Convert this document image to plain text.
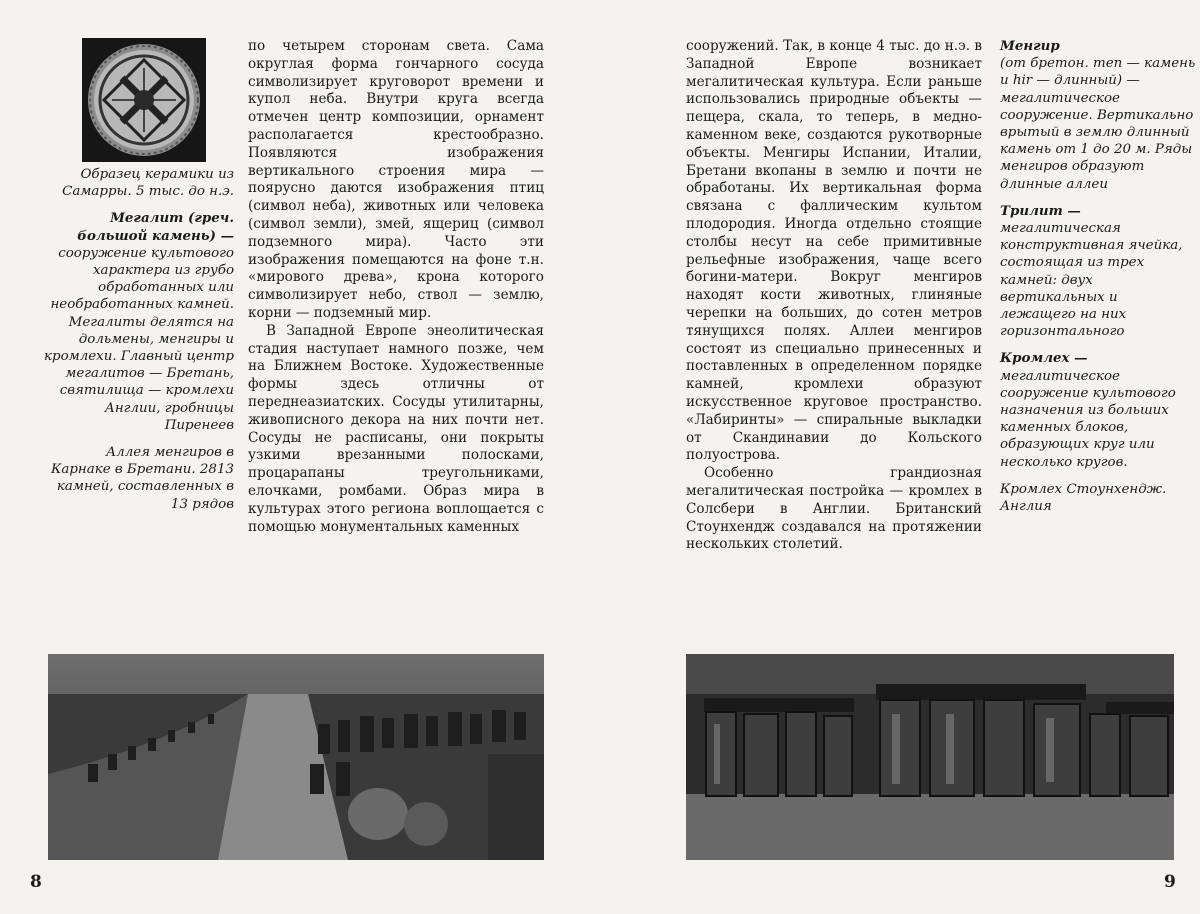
Образец керамики из Самарры. 5 тыс. до н.э.

Мегалит (греч. большой камень) — сооружение культового характера из грубо обработанных или необработанных камней. Мегалиты делятся на дольмены, менгиры и кромлехи. Главный центр мегалитов — Бретань, святилища — кромлехи Англии, гробницы Пиренеев

Аллея менгиров в Карнаке в Бретани. 2813 камней, составленных в 13 рядов

по четырем сторонам света. Сама округлая форма гончарного сосуда символизирует круговорот времени и купол неба. Внутри круга всегда отмечен центр композиции, орнамент располагается крестообразно. Появляются изображения вертикального строения мира — поярусно даются изображения птиц (символ неба), животных или человека (символ земли), змей, ящериц (символ подземного мира). Часто эти изображения помещаются на фоне т.н. «мирового древа», крона которого символизирует небо, ствол — землю, корни — подземный мир.

В Западной Европе энеолитическая стадия наступает намного позже, чем на Ближнем Востоке. Художественные формы здесь отличны от переднеазиатских. Сосуды утилитарны, живописного декора на них почти нет. Сосуды не расписаны, они покрыты узкими врезанными полосками, процарапаны треугольниками, елочками, ромбами. Образ мира в культурах этого региона воплощается с помощью монументальных каменных

8

сооружений. Так, в конце 4 тыс. до н.э. в Западной Европе возникает мегалитическая культура. Если раньше использовались природные объекты — пещера, скала, то теперь, в медно-каменном веке, создаются рукотворные объекты. Менгиры Испании, Италии, Бретани вкопаны в землю и почти не обработаны. Их вертикальная форма связана с фаллическим культом плодородия. Иногда отдельно стоящие столбы несут на себе примитивные рельефные изображения, чаще всего богини-матери. Вокруг менгиров находят кости животных, глиняные черепки на больших, до сотен метров тянущихся полях. Аллеи менгиров состоят из специально принесенных и поставленных в определенном порядке камней, кромлехи образуют искусственное круговое пространство. «Лабиринты» — спиральные выкладки от Скандинавии до Кольского полуострова.

Особенно грандиозная мегалитическая постройка — кромлех в Солсбери в Англии. Британский Стоунхендж создавался на протяжении нескольких столетий.

Менгир
(от бретон. men — камень и hir — длинный) — мегалитическое сооружение. Вертикально врытый в землю длинный камень от 1 до 20 м. Ряды менгиров образуют длинные аллеи

Трилит —
мегалитическая конструктивная ячейка, состоящая из трех камней: двух вертикальных и лежащего на них горизонтального

Кромлех —
мегалитическое сооружение культового назначения из больших каменных блоков, образующих круг или несколько кругов.

Кромлех Стоунхендж. Англия

9
